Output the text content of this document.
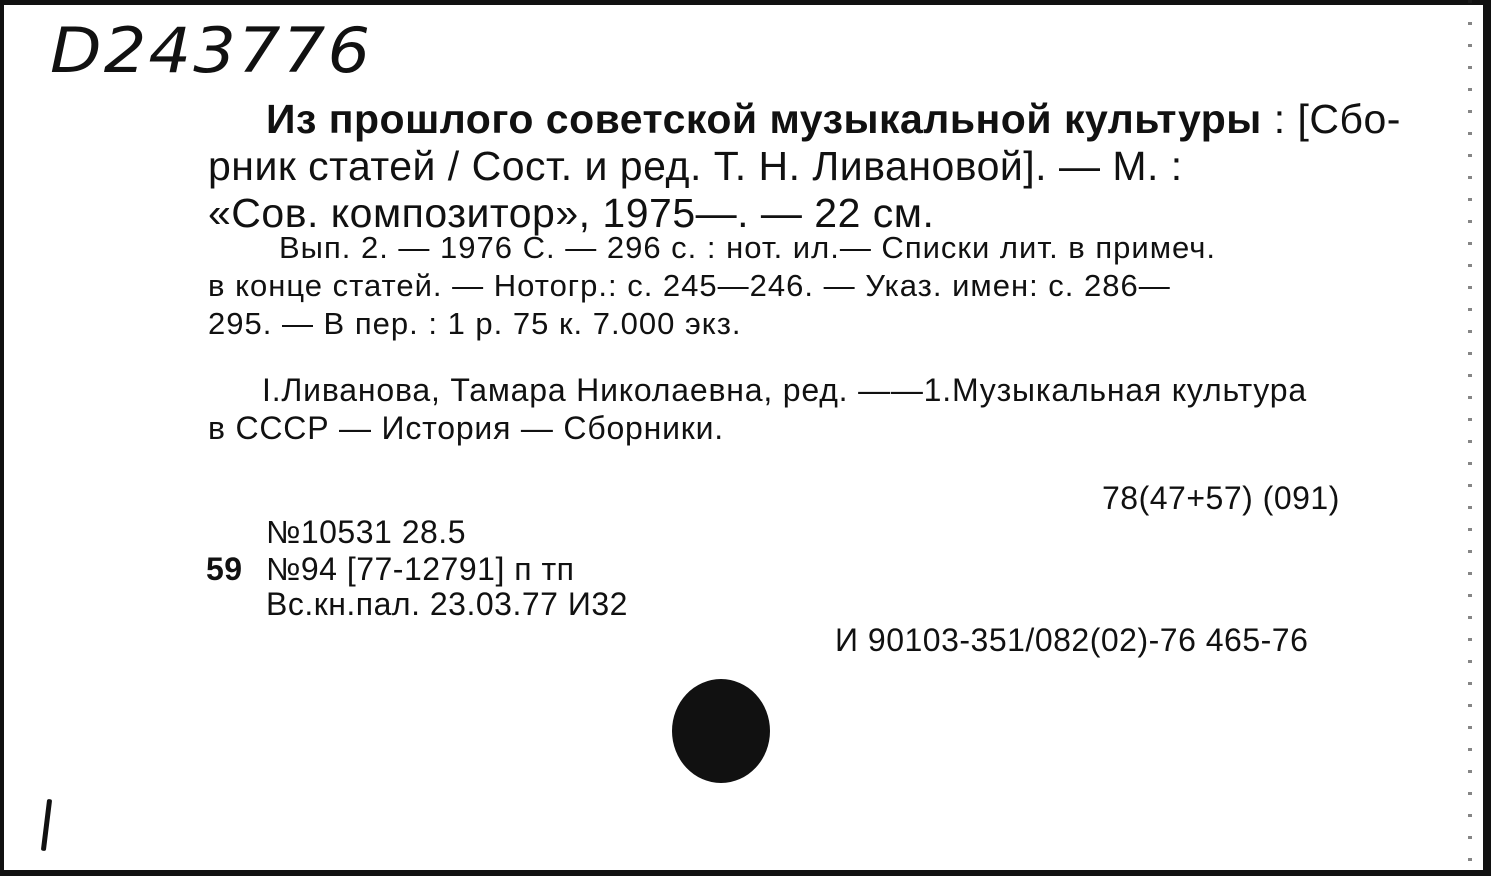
D243776
Из прошлого советской музыкальной культуры : [Сбо-
рник статей / Сост. и ред. Т. Н. Ливановой]. — М. :
«Сов. композитор», 1975—. — 22 см.
Вып. 2. — 1976 С. — 296 с. : нот. ил.— Списки лит. в примеч.
в конце статей. — Нотогр.: с. 245—246. — Указ. имен: с. 286—
295. — В пер. : 1 р. 75 к. 7.000 экз.
I.Ливанова, Тамара Николаевна, ред. ——1.Музыкальная культура
в СССР — История — Сборники.
78(47+57) (091)
№10531 28.5
59 №94 [77-12791] п тп
Вс.кн.пал. 23.03.77 И32
И 90103-351/082(02)-76 465-76
